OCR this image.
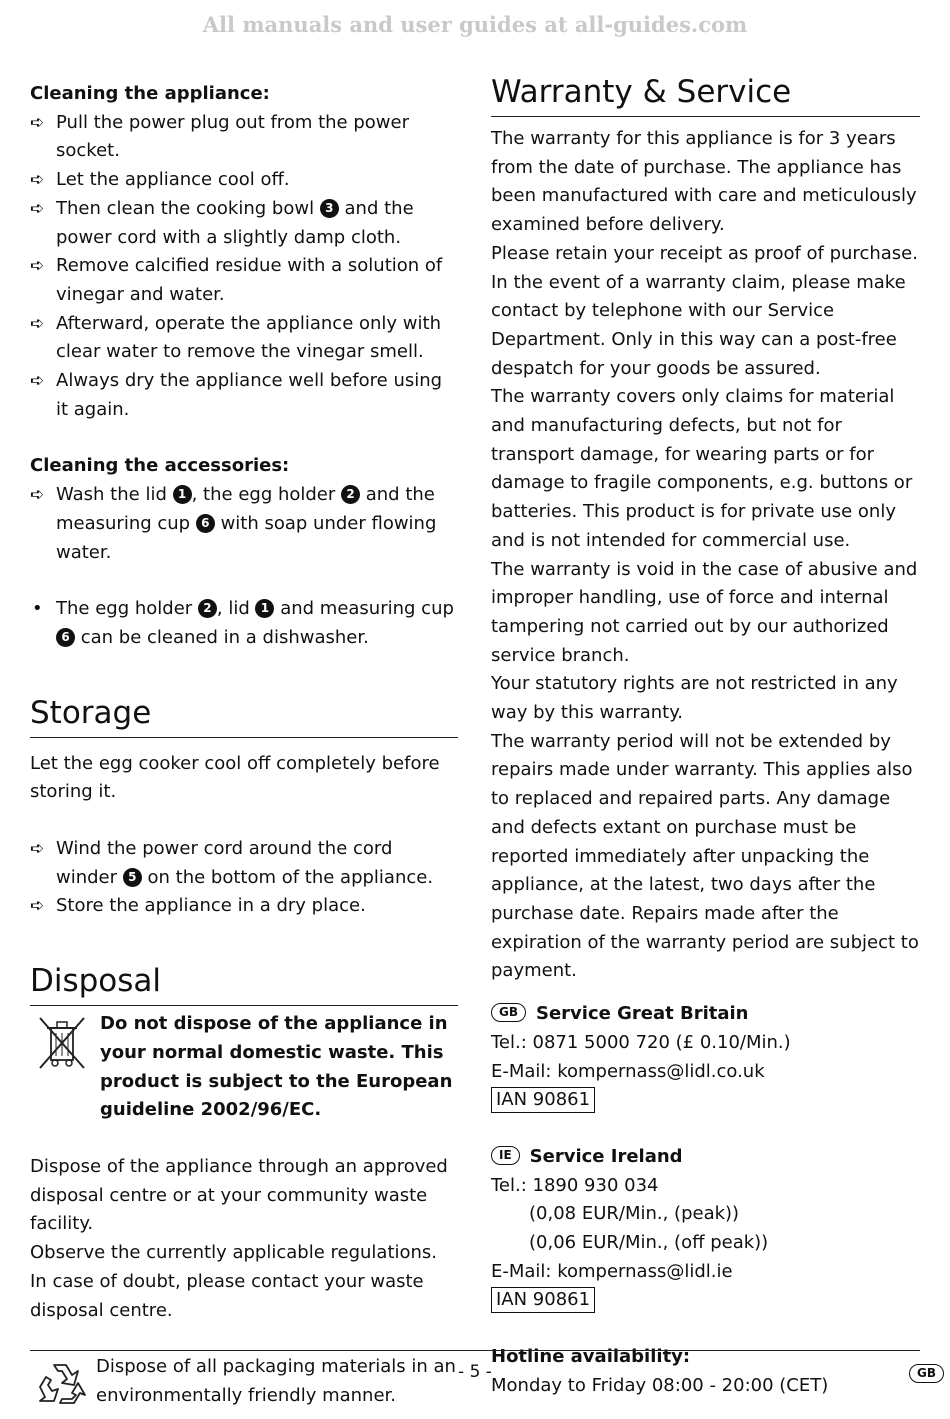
All manuals and user guides at all-guides.com

Cleaning the appliance:

➪ Pull the power plug out from the power socket.
➪ Let the appliance cool off.
➪ Then clean the cooking bowl 3 and the power cord with a slightly damp cloth.
➪ Remove calcified residue with a solution of vinegar and water.
➪ Afterward, operate the appliance only with clear water to remove the vinegar smell.
➪ Always dry the appliance well before using it again.

Cleaning the accessories:

➪ Wash the lid 1 , the egg holder 2 and the measuring cup 6 with soap under flowing water.
• The egg holder 2 , lid 1 and measuring cup 6 can be cleaned in a dishwasher.
Storage

Let the egg cooker cool off completely before storing it.

➪ Wind the power cord around the cord winder 5 on the bottom of the appliance.
➪ Store the appliance in a dry place.
Disposal

Do not dispose of the appliance in your normal domestic waste. This product is subject to the European guideline 2002/96/EC.

Dispose of the appliance through an approved disposal centre or at your community waste facility.

Observe the currently applicable regulations.

In case of doubt, please contact your waste disposal centre.

Dispose of all packaging materials in an environmentally friendly manner.

Warranty & Service

The warranty for this appliance is for 3 years from the date of purchase. The appliance has been manufactured with care and meticulously examined before delivery.

Please retain your receipt as proof of purchase. In the event of a warranty claim, please make contact by telephone with our Service Department. Only in this way can a post-free despatch for your goods be assured.

The warranty covers only claims for material and manufacturing defects, but not for transport damage, for wearing parts or for damage to fragile components, e.g. buttons or batteries. This product is for private use only and is not intended for commercial use.

The warranty is void in the case of abusive and improper handling, use of force and internal tampering not carried out by our authorized service branch.

Your statutory rights are not restricted in any way by this warranty.

The warranty period will not be extended by repairs made under warranty. This applies also to replaced and repaired parts. Any damage and defects extant on purchase must be reported immediately after unpacking the appliance, at the latest, two days after the purchase date. Repairs made after the expiration of the warranty period are subject to payment.

GB Service Great Britain

Tel.: 0871 5000 720 (£ 0.10/Min.)

E-Mail: kompernass@lidl.co.uk

IAN 90861

IE Service Ireland

Tel.: 1890 930 034

(0,08 EUR/Min., (peak))

(0,06 EUR/Min., (off peak))

E-Mail: kompernass@lidl.ie

IAN 90861

Hotline availability:

Monday to Friday 08:00 - 20:00 (CET)

- 5 -	GB
